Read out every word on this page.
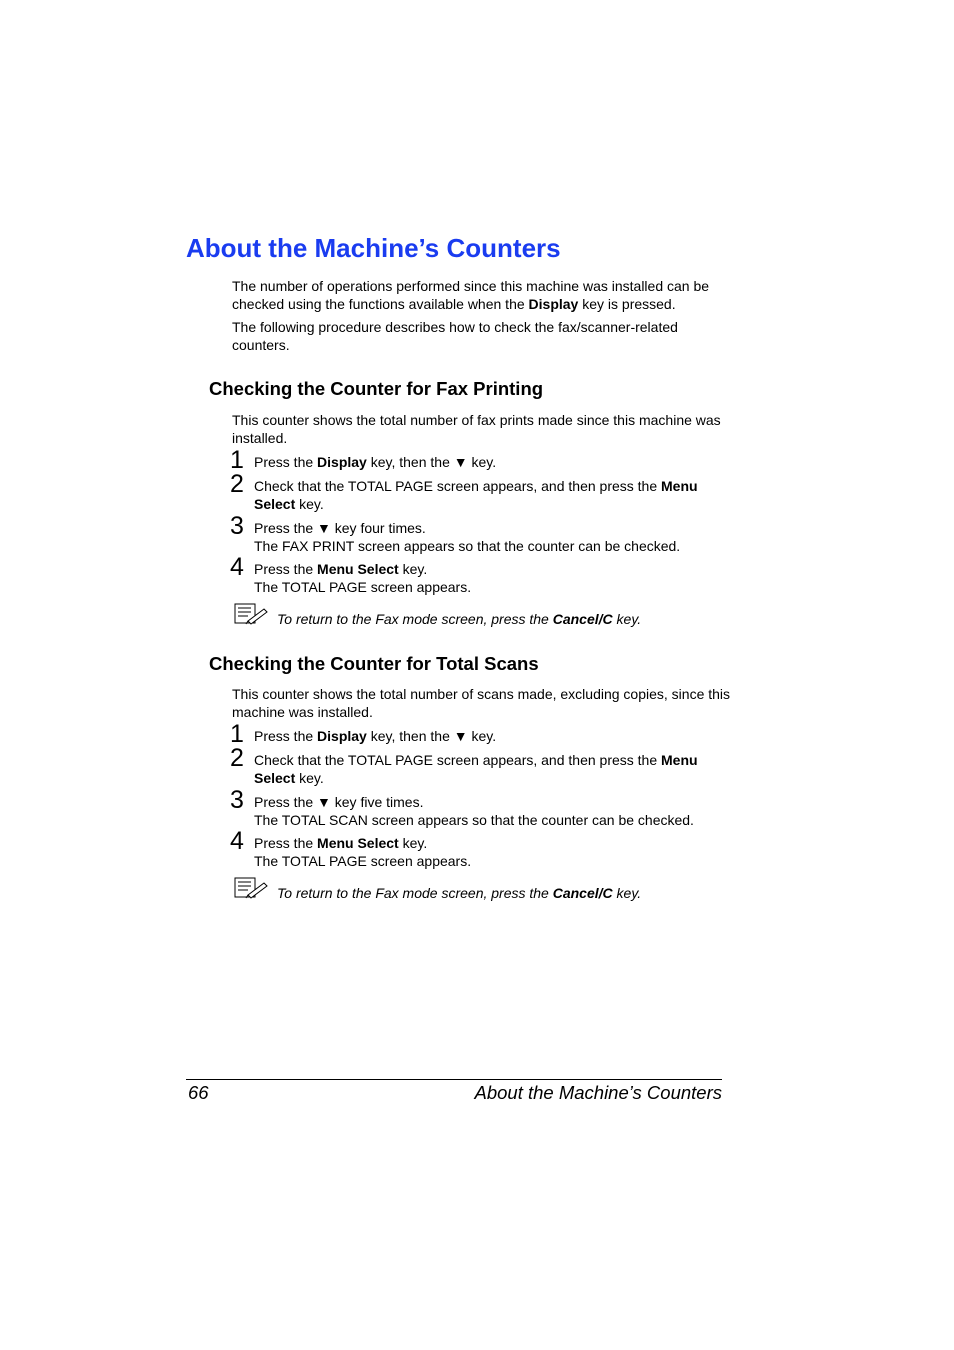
About the Machine’s Counters

The number of operations performed since this machine was installed can be checked using the functions available when the Display key is pressed.

The following procedure describes how to check the fax/scanner-related counters.

Checking the Counter for Fax Printing

This counter shows the total number of fax prints made since this machine was installed.

1 Press the Display key, then the ▼ key.

2 Check that the TOTAL PAGE screen appears, and then press the Menu Select key.

3 Press the ▼ key four times.
The FAX PRINT screen appears so that the counter can be checked.

4 Press the Menu Select key.
The TOTAL PAGE screen appears.

To return to the Fax mode screen, press the Cancel/C key.
Checking the Counter for Total Scans

This counter shows the total number of scans made, excluding copies, since this machine was installed.

1 Press the Display key, then the ▼ key.

2 Check that the TOTAL PAGE screen appears, and then press the Menu Select key.

3 Press the ▼ key five times.
The TOTAL SCAN screen appears so that the counter can be checked.

4 Press the Menu Select key.
The TOTAL PAGE screen appears.

To return to the Fax mode screen, press the Cancel/C key.
66	About the Machine’s Counters
